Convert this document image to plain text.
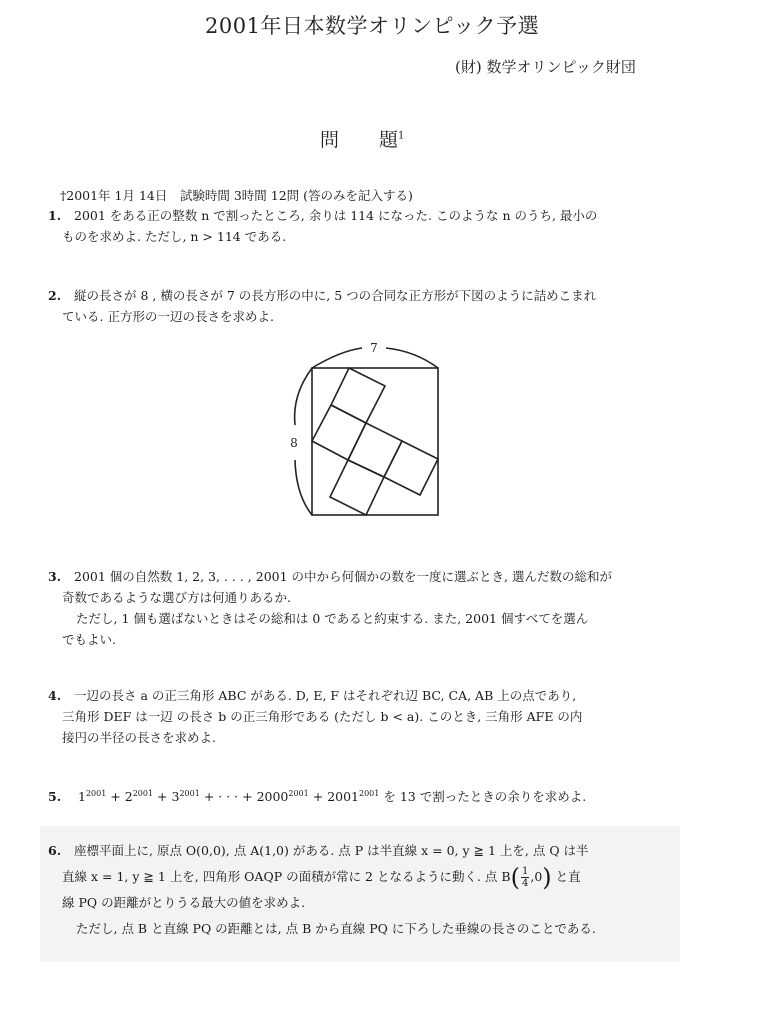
2001年日本数学オリンピック予選
(財) 数学オリンピック財団
問 題$^1$
†2001年 1月 14日　試験時間 3時間 12問 (答のみを記入する)
1. 2001 をある正の整数 n で割ったところ, 余りは 114 になった. このような n のうち, 最小の
ものを求めよ. ただし, n > 114 である.
2. 縦の長さが 8 , 横の長さが 7 の長方形の中に, 5 つの合同な正方形が下図のように詰めこまれ
ている. 正方形の一辺の長さを求めよ.
7
8
3. 2001 個の自然数 1, 2, 3, . . . , 2001 の中から何個かの数を一度に選ぶとき, 選んだ数の総和が
奇数であるような選び方は何通りあるか.
ただし, 1 個も選ばないときはその総和は 0 であると約束する. また, 2001 個すべてを選ん
でもよい.
4. 一辺の長さ a の正三角形 ABC がある. D, E, F はそれぞれ辺 BC, CA, AB 上の点であり,
三角形 DEF は一辺 の長さ b の正三角形である (ただし b < a). このとき, 三角形 AFE の内
接円の半径の長さを求めよ.
5. $1^{2001} + 2^{2001} + 3^{2001}$ + · · · + $2000^{2001} + 2001^{2001}$ を 13 で割ったときの余りを求めよ.
6. 座標平面上に, 原点 O(0,0), 点 A(1,0) がある. 点 P は半直線 x = 0, y ≧ 1 上を, 点 Q は半
直線 x = 1, y ≧ 1 上を, 四角形 OAQP の面積が常に 2 となるように動く. 点 $B( \frac{1}{4} ,0)$ と直
線 PQ の距離がとりうる最大の値を求めよ.
ただし, 点 B と直線 PQ の距離とは, 点 B から直線 PQ に下ろした垂線の長さのことである.
